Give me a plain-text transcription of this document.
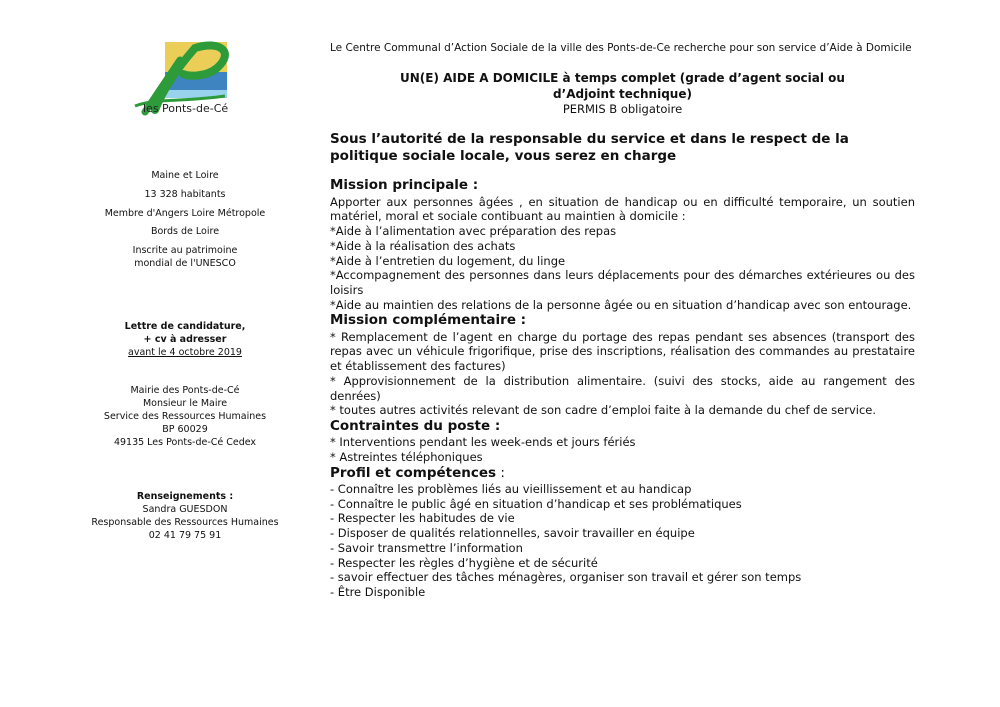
les Ponts-de-Cé

Maine et Loire

13 328 habitants

Membre d'Angers Loire Métropole

Bords de Loire

Inscrite au patrimoine

mondial de l'UNESCO

Lettre de candidature,

+ cv à adresser

avant le 4 octobre 2019

Mairie des Ponts-de-Cé

Monsieur le Maire

Service des Ressources Humaines

BP 60029

49135 Les Ponts-de-Cé Cedex

Renseignements :

Sandra GUESDON

Responsable des Ressources Humaines

02 41 79 75 91

Le Centre Communal d’Action Sociale de la ville des Ponts-de-Ce recherche pour son service d’Aide à Domicile

UN(E) AIDE A DOMICILE à temps complet (grade d’agent social ou d’Adjoint technique)

PERMIS B obligatoire

Sous l’autorité de la responsable du service et dans le respect de la politique sociale locale, vous serez en charge

Mission principale :

Apporter aux personnes âgées , en situation de handicap ou en difficulté temporaire, un soutien matériel, moral et sociale contibuant au maintien à domicile :

*Aide à l’alimentation avec préparation des repas

*Aide à la réalisation des achats

*Aide à l’entretien du logement, du linge

*Accompagnement des personnes dans leurs déplacements pour des démarches extérieures ou des loisirs

*Aide au maintien des relations de la personne âgée ou en situation d’handicap avec son entourage.

Mission complémentaire :

* Remplacement de l’agent en charge du portage des repas pendant ses absences (transport des repas avec un véhicule frigorifique, prise des inscriptions, réalisation des commandes au prestataire et établissement des factures)

* Approvisionnement de la distribution alimentaire. (suivi des stocks, aide au rangement des denrées)

* toutes autres activités relevant de son cadre d’emploi faite à la demande du chef de service.

Contraintes du poste :

* Interventions pendant les week-ends et jours fériés

* Astreintes téléphoniques

Profil et compétences :

- Connaître les problèmes liés au vieillissement et au handicap

- Connaître le public âgé en situation d’handicap et ses problématiques

- Respecter les habitudes de vie

- Disposer de qualités relationnelles, savoir travailler en équipe

- Savoir transmettre l’information

- Respecter les règles d’hygiène et de sécurité

- savoir effectuer des tâches ménagères, organiser son travail et gérer son temps

- Être Disponible
